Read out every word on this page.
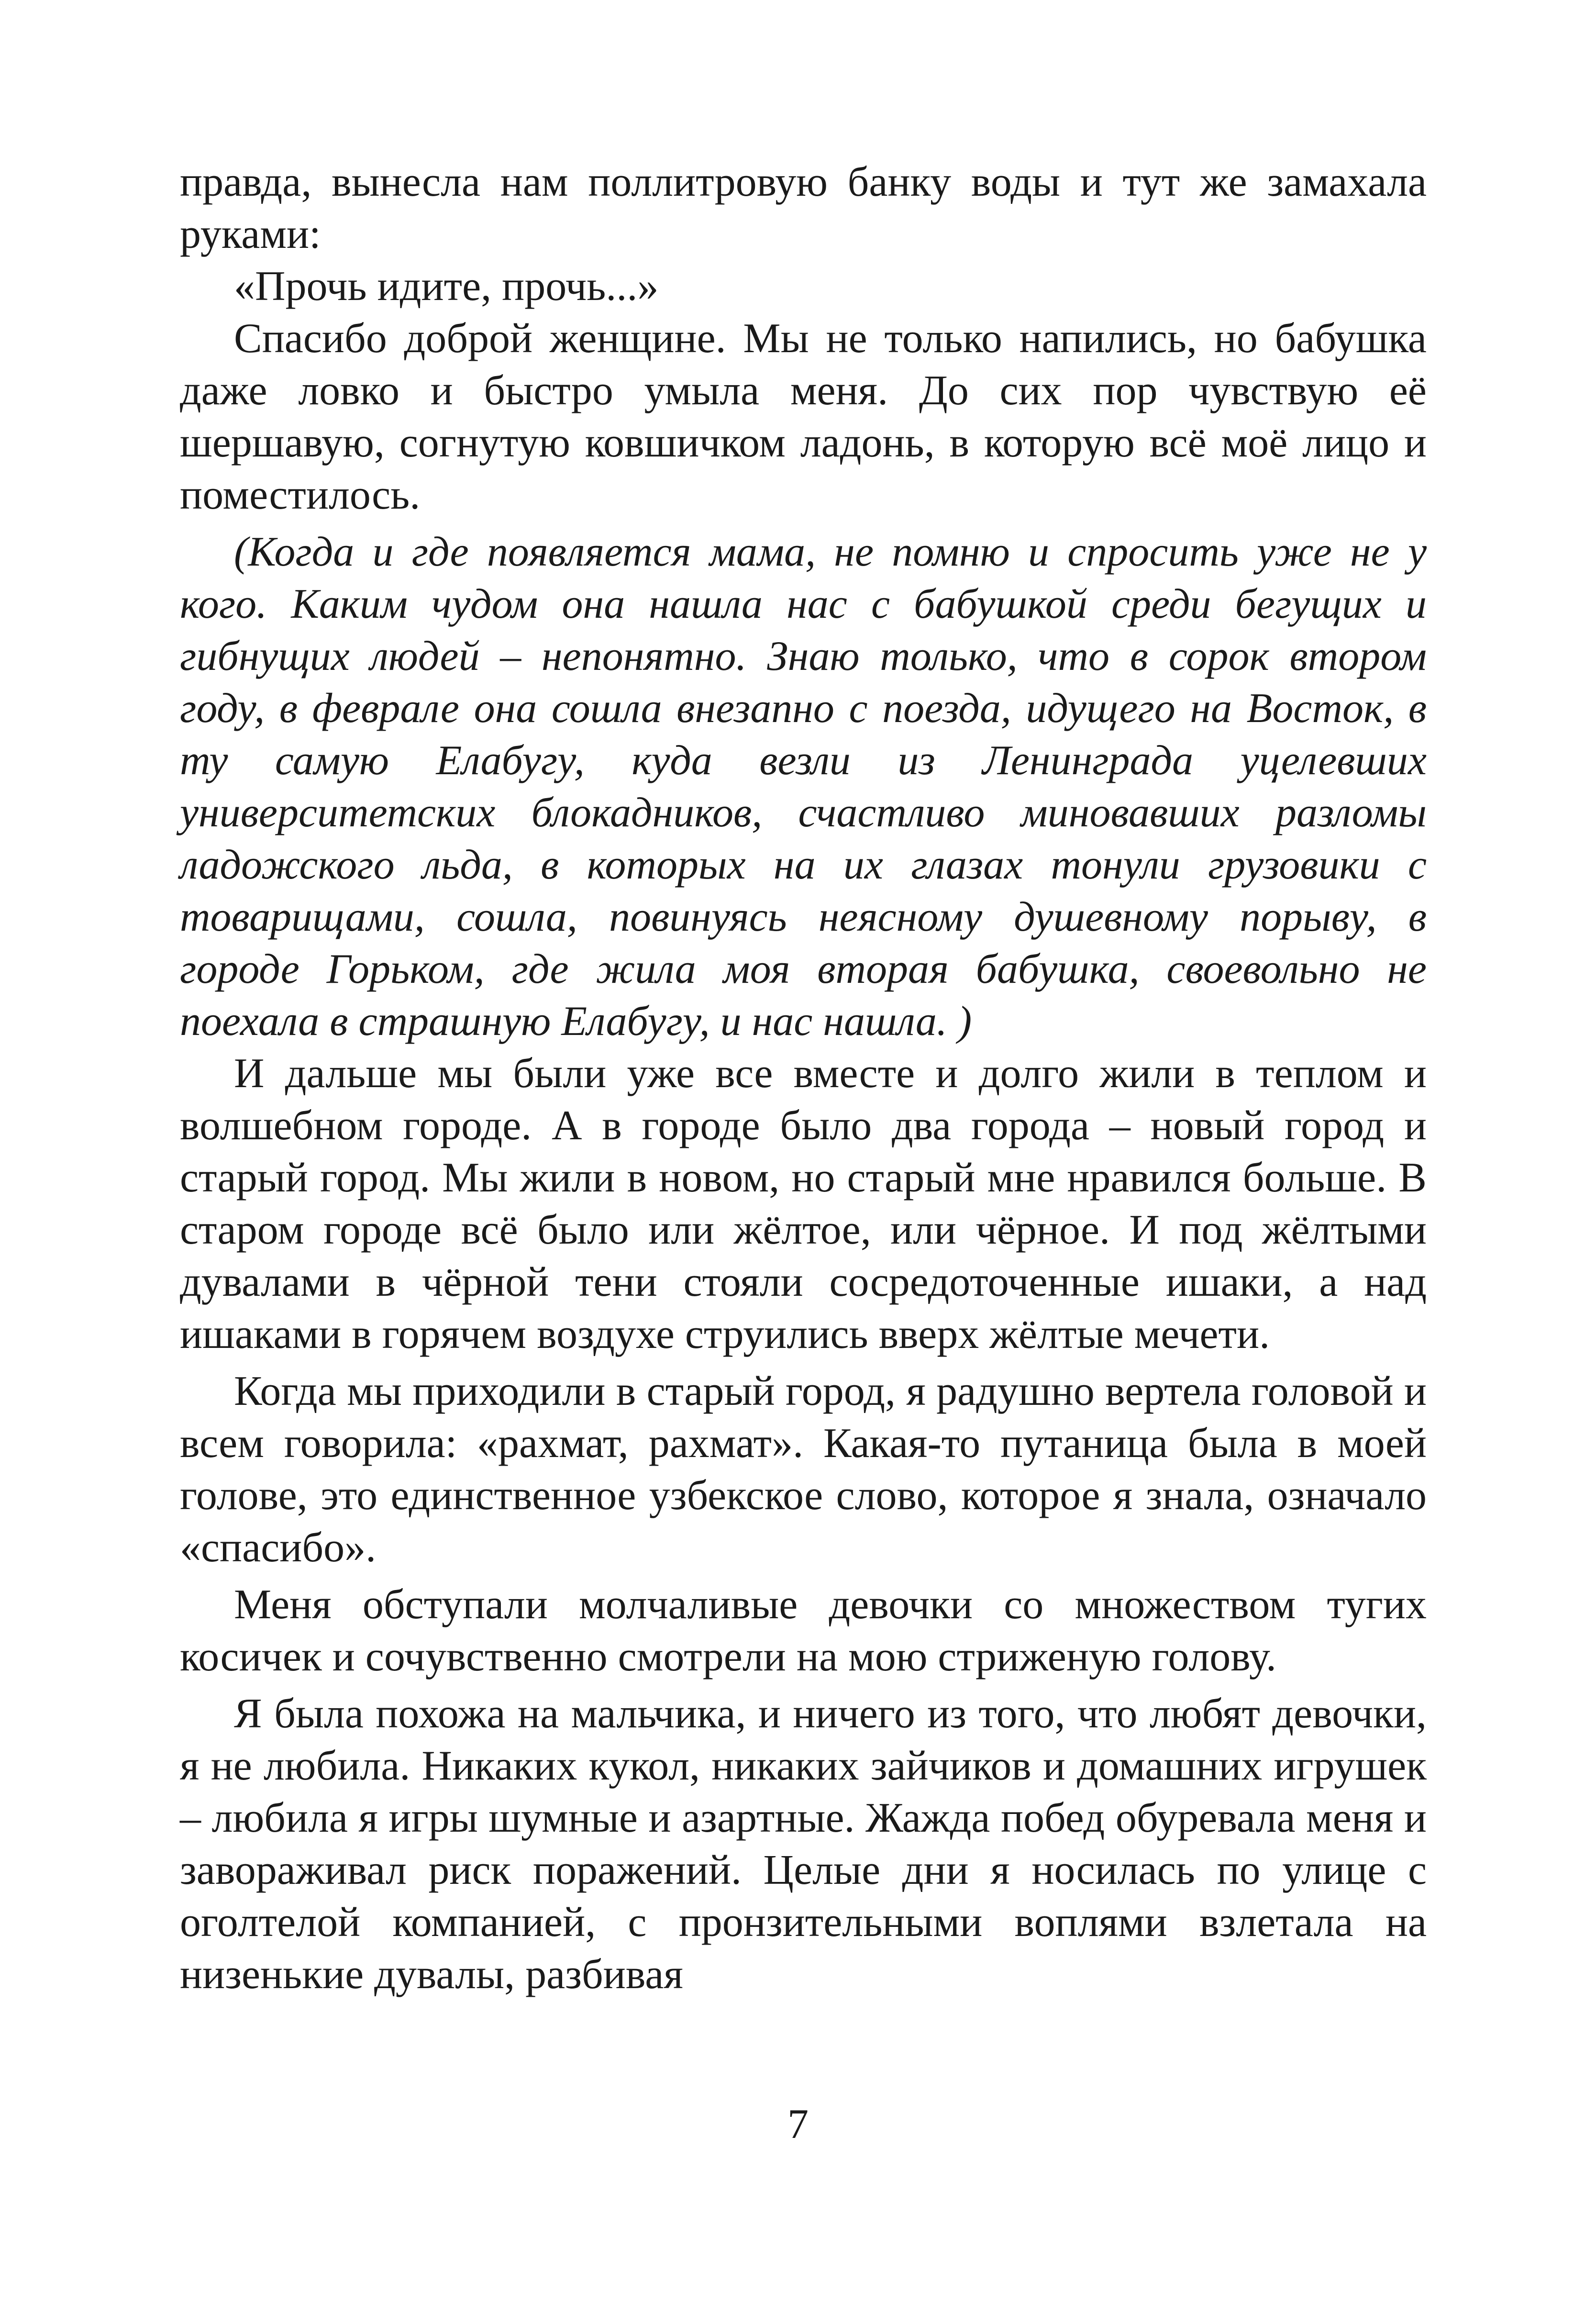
правда, вынесла нам поллитровую банку воды и тут же замахала руками:

«Прочь идите, прочь...»

Спасибо доброй женщине. Мы не только напились, но бабушка даже ловко и быстро умыла меня. До сих пор чувствую её шершавую, согнутую ковшичком ладонь, в которую всё моё лицо и поместилось.

(Когда и где появляется мама, не помню и спросить уже не у кого. Каким чудом она нашла нас с бабушкой среди бегущих и гибнущих людей – непонятно. Знаю только, что в сорок втором году, в феврале она сошла внезапно с поезда, идущего на Восток, в ту самую Елабугу, куда везли из Ленинграда уцелевших университетских блокадников, счастливо миновавших разломы ладожского льда, в которых на их глазах тонули грузовики с товарищами, сошла, повинуясь неясному душевному порыву, в городе Горьком, где жила моя вторая бабушка, своевольно не поехала в страшную Елабугу, и нас нашла. )

И дальше мы были уже все вместе и долго жили в теплом и волшебном городе. А в городе было два города – новый город и старый город. Мы жили в новом, но старый мне нравился больше. В старом городе всё было или жёлтое, или чёрное. И под жёлтыми дувалами в чёрной тени стояли сосредоточенные ишаки, а над ишаками в горячем воздухе струились вверх жёлтые мечети.

Когда мы приходили в старый город, я радушно вертела головой и всем говорила: «рахмат, рахмат». Какая-то путаница была в моей голове, это единственное узбекское слово, которое я знала, означало «спасибо».

Меня обступали молчаливые девочки со множеством тугих косичек и сочувственно смотрели на мою стриженую голову.

Я была похожа на мальчика, и ничего из того, что любят девочки, я не любила. Никаких кукол, никаких зайчиков и домашних игрушек – любила я игры шумные и азартные. Жажда побед обуревала меня и завораживал риск поражений. Целые дни я носилась по улице с оголтелой компанией, с пронзительными воплями взлетала на низенькие дувалы, разбивая

7
